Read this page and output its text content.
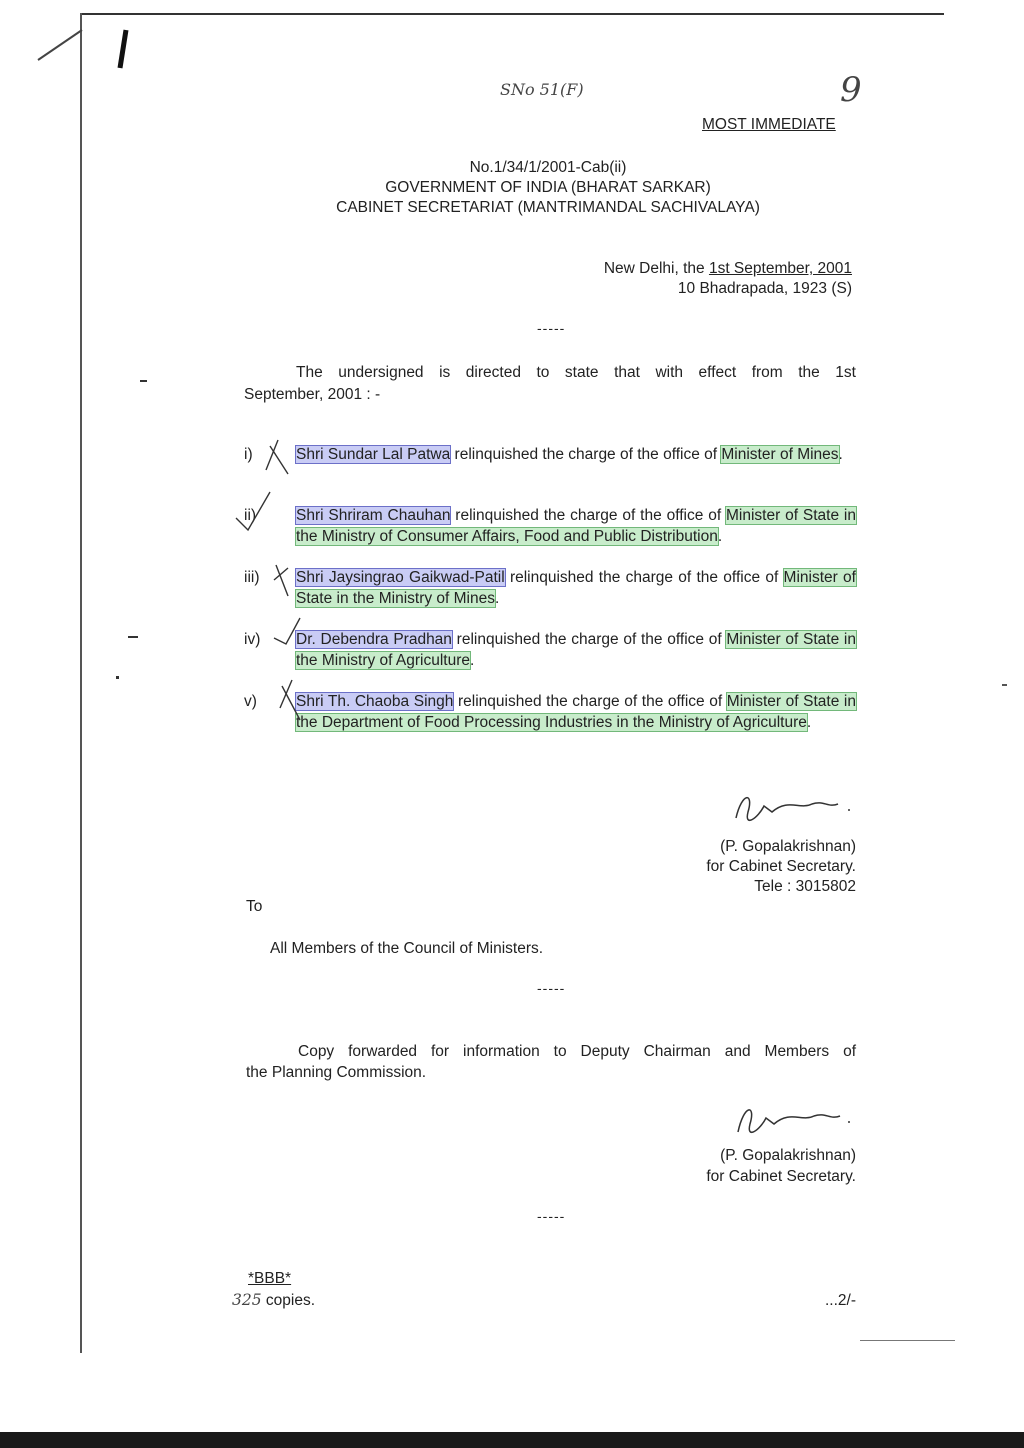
SNo 51(F)	9
MOST IMMEDIATE
No.1/34/1/2001-Cab(ii)
GOVERNMENT OF INDIA (BHARAT SARKAR)
CABINET SECRETARIAT (MANTRIMANDAL SACHIVALAYA)
New Delhi, the 1st September, 2001
10 Bhadrapada, 1923 (S)
-----
The undersigned is directed to state that with effect from the 1st
September, 2001 : -
i)	Shri Sundar Lal Patwa relinquished the charge of the office of Minister of Mines.
ii)	Shri Shriram Chauhan relinquished the charge of the office of Minister of State in the Ministry of Consumer Affairs, Food and Public Distribution.
iii) Shri Jaysingrao Gaikwad-Patil relinquished the charge of the office of Minister of State in the Ministry of Mines.
iv) Dr. Debendra Pradhan relinquished the charge of the office of Minister of State in the Ministry of Agriculture.
v)	Shri Th. Chaoba Singh relinquished the charge of the office of Minister of State in the Department of Food Processing Industries in the Ministry of Agriculture.
(P. Gopalakrishnan)
for Cabinet Secretary.
Tele : 3015802
To
All Members of the Council of Ministers.
-----
Copy forwarded for information to Deputy Chairman and Members of
the Planning Commission.
(P. Gopalakrishnan)
for Cabinet Secretary.
-----
*BBB*
325 copies.	...2/-
